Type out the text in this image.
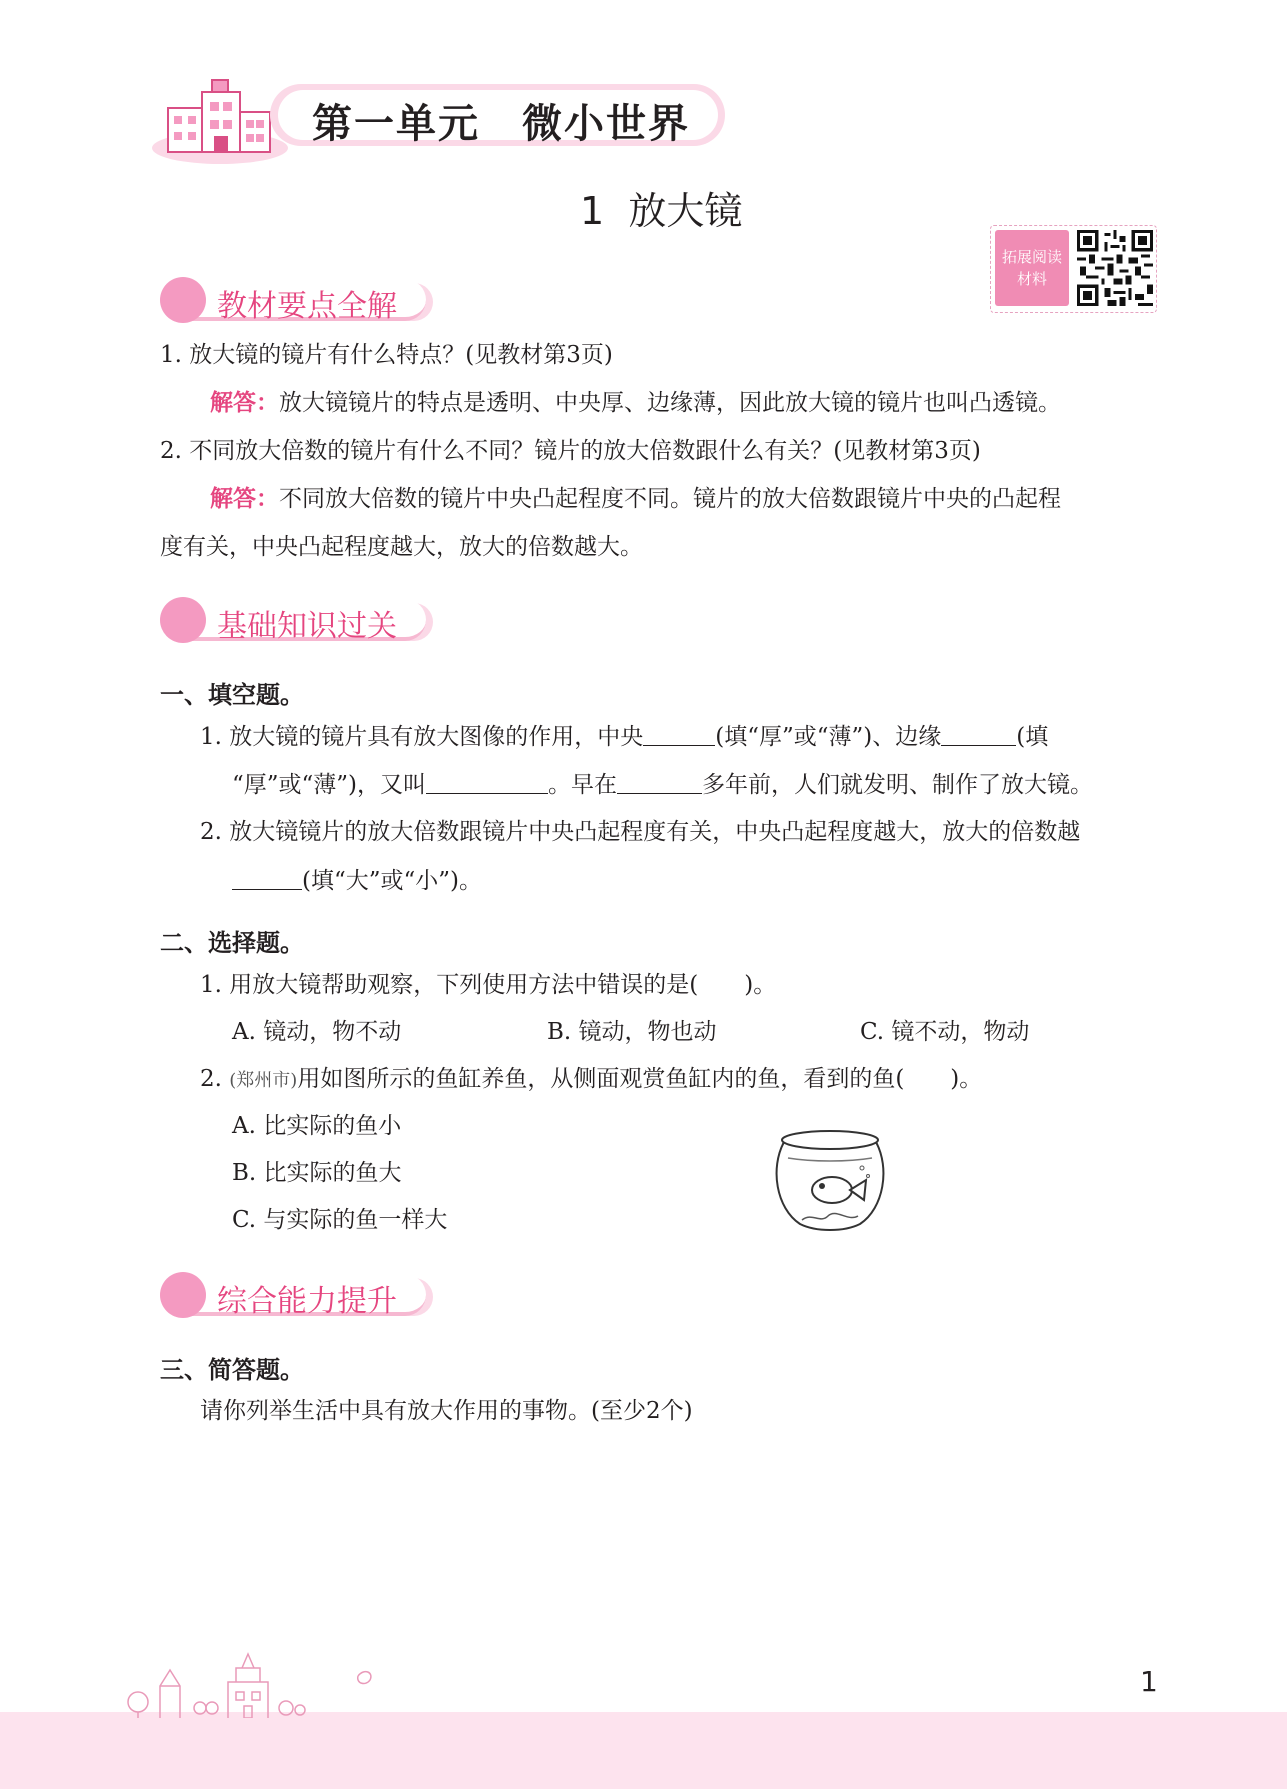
第一单元　微小世界
1  放大镜
拓展阅读
材料
教材要点全解
1. 放大镜的镜片有什么特点？(见教材第3页)
解答：放大镜镜片的特点是透明、中央厚、边缘薄，因此放大镜的镜片也叫凸透镜。
2. 不同放大倍数的镜片有什么不同？镜片的放大倍数跟什么有关？(见教材第3页)
解答：不同放大倍数的镜片中央凸起程度不同。镜片的放大倍数跟镜片中央的凸起程
度有关，中央凸起程度越大，放大的倍数越大。
基础知识过关
一、填空题。
1. 放大镜的镜片具有放大图像的作用，中央	(填“厚”或“薄”)、边缘	(填
“厚”或“薄”)，又叫	。早在	多年前，人们就发明、制作了放大镜。
2. 放大镜镜片的放大倍数跟镜片中央凸起程度有关，中央凸起程度越大，放大的倍数越
(填“大”或“小”)。
二、选择题。
1. 用放大镜帮助观察，下列使用方法中错误的是(　　)。
A. 镜动，物不动	B. 镜动，物也动	C. 镜不动，物动
2. (郑州市)用如图所示的鱼缸养鱼，从侧面观赏鱼缸内的鱼，看到的鱼(　　)。
A. 比实际的鱼小
B. 比实际的鱼大
C. 与实际的鱼一样大
综合能力提升
三、简答题。
请你列举生活中具有放大作用的事物。(至少2个)
1
